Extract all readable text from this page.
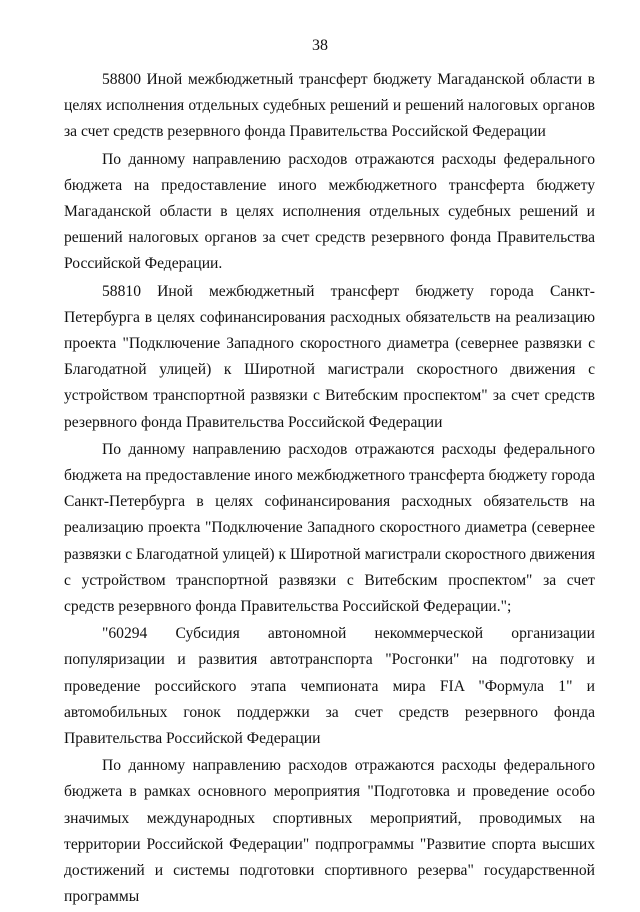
38

58800 Иной межбюджетный трансферт бюджету Магаданской области в целях исполнения отдельных судебных решений и решений налоговых органов за счет средств резервного фонда Правительства Российской Федерации

По данному направлению расходов отражаются расходы федерального бюджета на предоставление иного межбюджетного трансферта бюджету Магаданской области в целях исполнения отдельных судебных решений и решений налоговых органов за счет средств резервного фонда Правительства Российской Федерации.

58810 Иной межбюджетный трансферт бюджету города Санкт-Петербурга в целях софинансирования расходных обязательств на реализацию проекта "Подключение Западного скоростного диаметра (севернее развязки с Благодатной улицей) к Широтной магистрали скоростного движения с устройством транспортной развязки с Витебским проспектом" за счет средств резервного фонда Правительства Российской Федерации

По данному направлению расходов отражаются расходы федерального бюджета на предоставление иного межбюджетного трансферта бюджету города Санкт-Петербурга в целях софинансирования расходных обязательств на реализацию проекта "Подключение Западного скоростного диаметра (севернее развязки с Благодатной улицей) к Широтной магистрали скоростного движения с устройством транспортной развязки с Витебским проспектом" за счет средств резервного фонда Правительства Российской Федерации.";

"60294 Субсидия автономной некоммерческой организации популяризации и развития автотранспорта "Росгонки" на подготовку и проведение российского этапа чемпионата мира FIA "Формула 1" и автомобильных гонок поддержки за счет средств резервного фонда Правительства Российской Федерации

По данному направлению расходов отражаются расходы федерального бюджета в рамках основного мероприятия "Подготовка и проведение особо значимых международных спортивных мероприятий, проводимых на территории Российской Федерации" подпрограммы "Развитие спорта высших достижений и системы подготовки спортивного резерва" государственной программы
